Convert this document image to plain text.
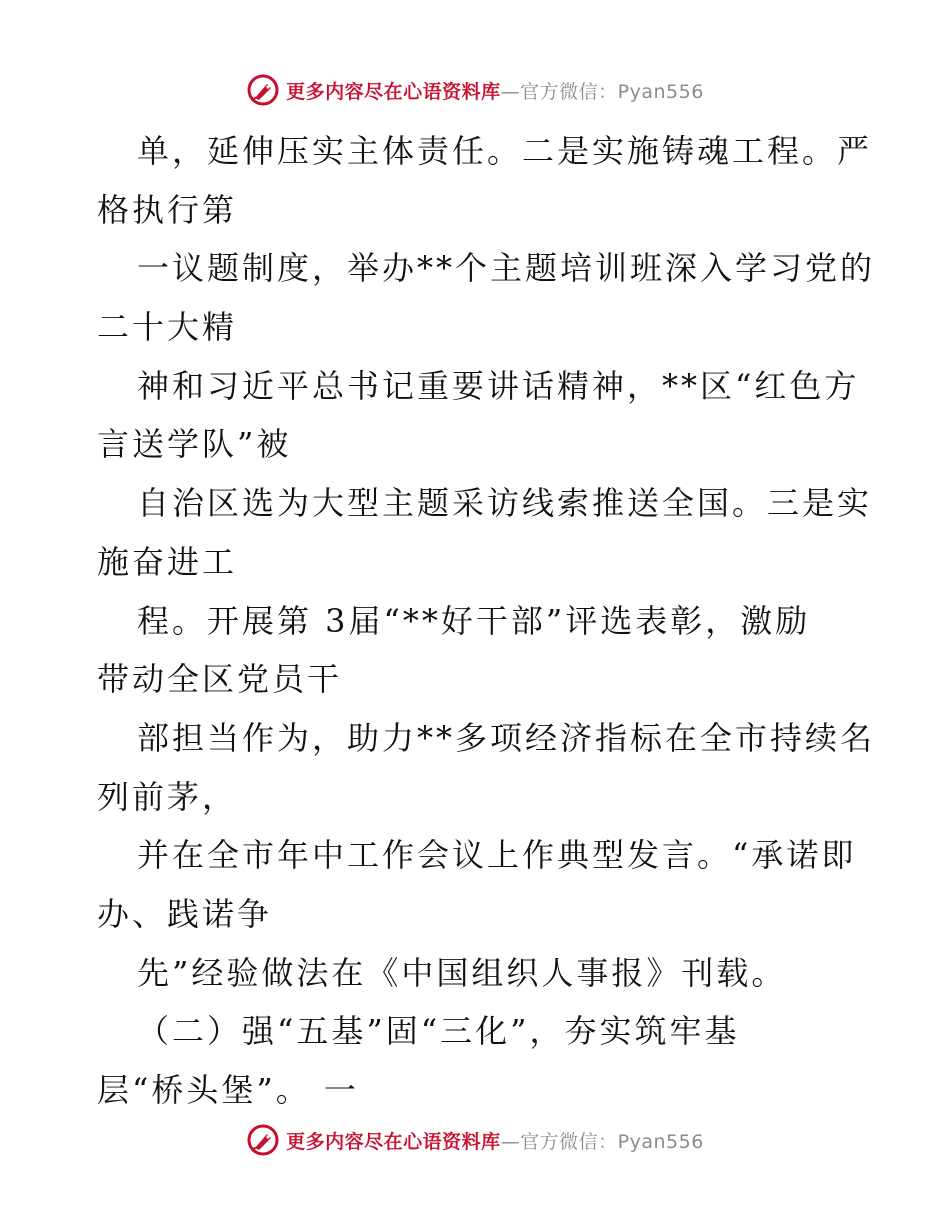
更多内容尽在心语资料库—官方微信：Pyan556
单，延伸压实主体责任。二是实施铸魂工程。严
格执行第
一议题制度，举办**个主题培训班深入学习党的
二十大精
神和习近平总书记重要讲话精神，**区“红色方
言送学队”被
自治区选为大型主题采访线索推送全国。三是实
施奋进工
程。开展第 3届“**好干部”评选表彰，激励
带动全区党员干
部担当作为，助力**多项经济指标在全市持续名
列前茅，
并在全市年中工作会议上作典型发言。“承诺即
办、践诺争
先”经验做法在《中国组织人事报》刊载。
（二）强“五基”固“三化”，夯实筑牢基
层“桥头堡”。 一
更多内容尽在心语资料库—官方微信：Pyan556
